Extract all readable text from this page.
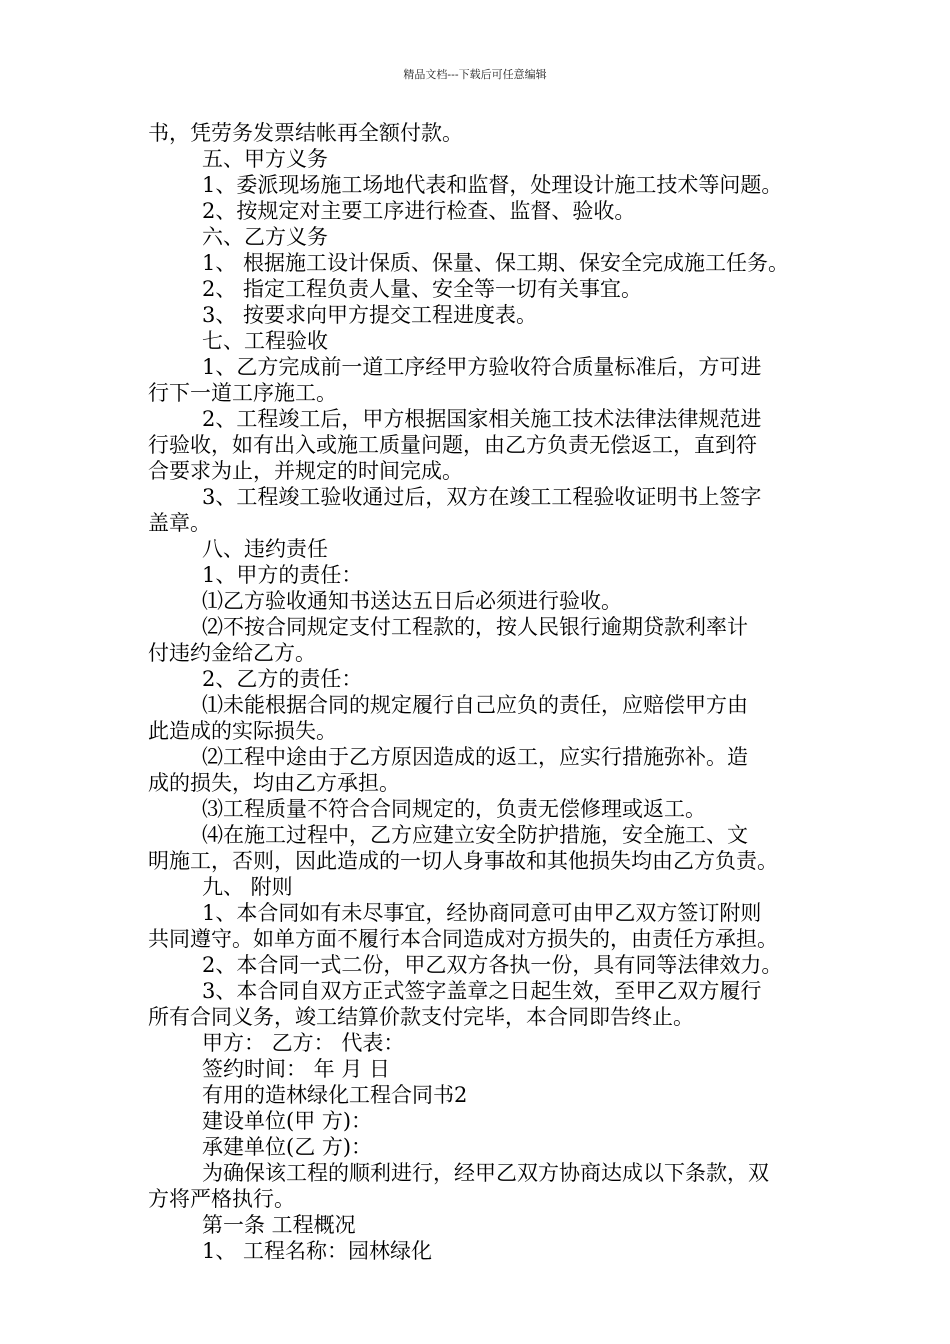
精品文档---下载后可任意编辑
书，凭劳务发票结帐再全额付款。
五、甲方义务
1、委派现场施工场地代表和监督，处理设计施工技术等问题。
2、按规定对主要工序进行检查、监督、验收。
六、乙方义务
1、 根据施工设计保质、保量、保工期、保安全完成施工任务。
2、 指定工程负责人量、安全等一切有关事宜。
3、 按要求向甲方提交工程进度表。
七、工程验收
1、乙方完成前一道工序经甲方验收符合质量标准后，方可进
行下一道工序施工。
2、工程竣工后，甲方根据国家相关施工技术法律法律规范进
行验收，如有出入或施工质量问题，由乙方负责无偿返工，直到符
合要求为止，并规定的时间完成。
3、工程竣工验收通过后，双方在竣工工程验收证明书上签字
盖章。
八、违约责任
1、甲方的责任：
⑴乙方验收通知书送达五日后必须进行验收。
⑵不按合同规定支付工程款的，按人民银行逾期贷款利率计
付违约金给乙方。
2、乙方的责任：
⑴未能根据合同的规定履行自己应负的责任，应赔偿甲方由
此造成的实际损失。
⑵工程中途由于乙方原因造成的返工，应实行措施弥补。造
成的损失，均由乙方承担。
⑶工程质量不符合合同规定的，负责无偿修理或返工。
⑷在施工过程中，乙方应建立安全防护措施，安全施工、文
明施工，否则，因此造成的一切人身事故和其他损失均由乙方负责。
九、 附则
1、本合同如有未尽事宜，经协商同意可由甲乙双方签订附则
共同遵守。如单方面不履行本合同造成对方损失的，由责任方承担。
2、本合同一式二份，甲乙双方各执一份，具有同等法律效力。
3、本合同自双方正式签字盖章之日起生效，至甲乙双方履行
所有合同义务，竣工结算价款支付完毕，本合同即告终止。
甲方： 乙方： 代表：
签约时间： 年 月 日
有用的造林绿化工程合同书2
建设单位(甲 方)：
承建单位(乙 方)：
为确保该工程的顺利进行，经甲乙双方协商达成以下条款，双
方将严格执行。
第一条 工程概况
1、 工程名称：园林绿化
